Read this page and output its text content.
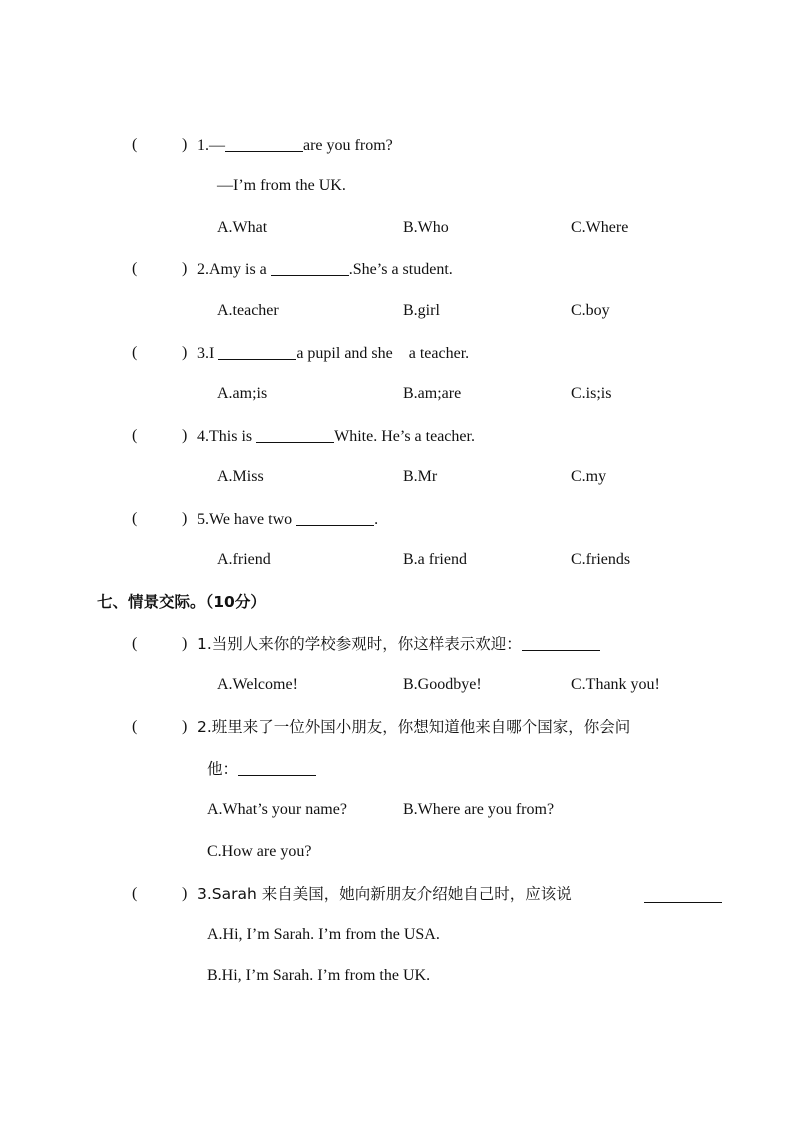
(	) 1.—	are you from?
—I’m from the UK.
A.What	B.Who	C.Where
(	) 2.Amy is a	.She’s a student.
A.teacher	B.girl	C.boy
(	) 3.I	a pupil and she    a teacher.
A.am;is	B.am;are	C.is;is
(	) 4.This is	White. He’s a teacher.
A.Miss	B.Mr	C.my
(	) 5.We have two	.
A.friend	B.a friend	C.friends
七、情景交际。（10分）
(	) 1.当别人来你的学校参观时，你这样表示欢迎：
A.Welcome!	B.Goodbye!	C.Thank you!
(	) 2.班里来了一位外国小朋友，你想知道他来自哪个国家，你会问
他：
A.What’s your name?	B.Where are you from?
C.How are you?
(	) 3.Sarah 来自美国，她向新朋友介绍她自己时，应该说
A.Hi, I’m Sarah. I’m from the USA.
B.Hi, I’m Sarah. I’m from the UK.
